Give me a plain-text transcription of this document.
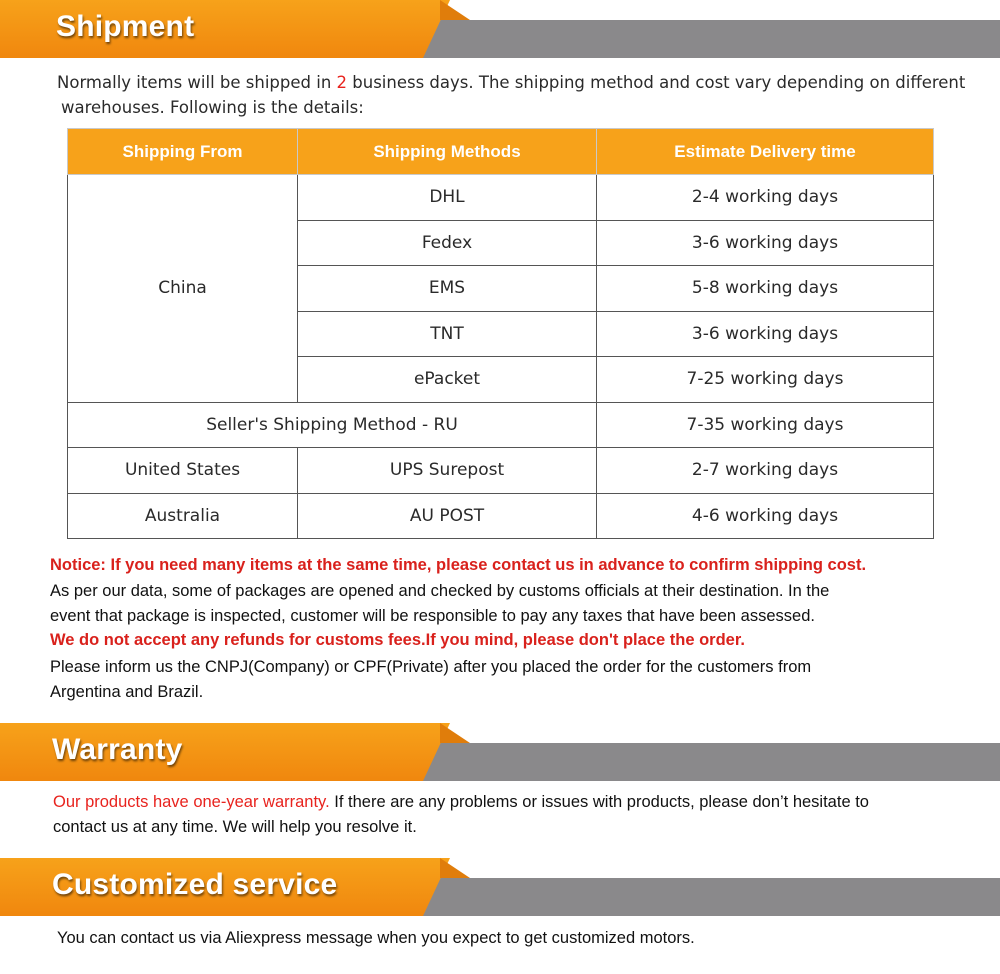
Shipment
Normally items will be shipped in 2 business days. The shipping method and cost vary depending on different
warehouses. Following is the details:
Shipping From	Shipping Methods	Estimate Delivery time
China	DHL	2-4 working days
	Fedex	3-6 working days
	EMS	5-8 working days
	TNT	3-6 working days
	ePacket	7-25 working days
Seller's Shipping Method - RU		7-35 working days
United States	UPS Surepost	2-7 working days
Australia	AU POST	4-6 working days
Notice: If you need many items at the same time, please contact us in advance to confirm shipping cost.
As per our data, some of packages are opened and checked by customs officials at their destination. In the
event that package is inspected, customer will be responsible to pay any taxes that have been assessed.
We do not accept any refunds for customs fees.If you mind, please don't place the order.
Please inform us the CNPJ(Company) or CPF(Private) after you placed the order for the customers from
Argentina and Brazil.
Warranty
Our products have one-year warranty. If there are any problems or issues with products, please don’t hesitate to
contact us at any time. We will help you resolve it.
Customized service
You can contact us via Aliexpress message when you expect to get customized motors.
